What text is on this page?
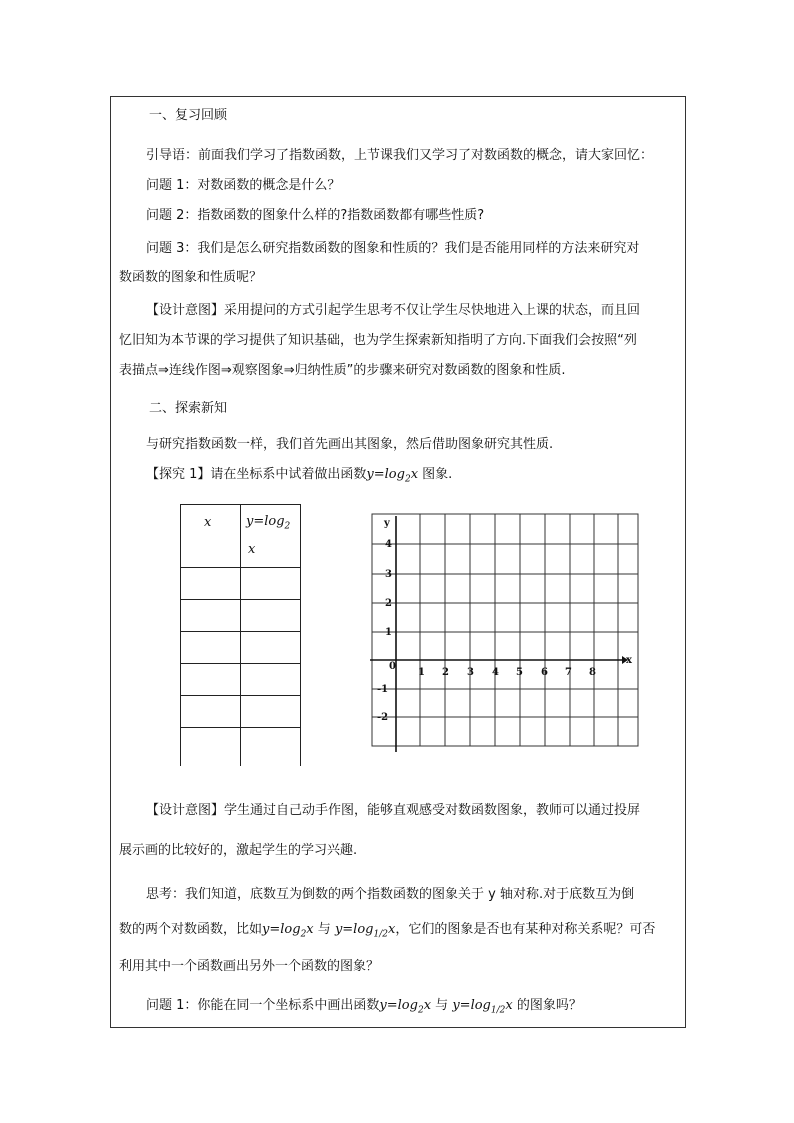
一、复习回顾
引导语：前面我们学习了指数函数，上节课我们又学习了对数函数的概念，请大家回忆：
问题 1：对数函数的概念是什么？
问题 2：指数函数的图象什么样的?指数函数都有哪些性质?
问题 3：我们是怎么研究指数函数的图象和性质的？我们是否能用同样的方法来研究对
数函数的图象和性质呢？
【设计意图】采用提问的方式引起学生思考不仅让学生尽快地进入上课的状态，而且回
忆旧知为本节课的学习提供了知识基础，也为学生探索新知指明了方向.下面我们会按照“列
表描点⇒连线作图⇒观察图象⇒归纳性质”的步骤来研究对数函数的图象和性质.
二、探索新知
与研究指数函数一样，我们首先画出其图象，然后借助图象研究其性质.
【探究 1】请在坐标系中试着做出函数$y=\log_2x$ 图象.
x	$y=\log_2$
x
y
x
0
1 2 3 4 5 6 7 8
4
3
2
1
-1
-2
【设计意图】学生通过自己动手作图，能够直观感受对数函数图象，教师可以通过投屏
展示画的比较好的，激起学生的学习兴趣.
思考：我们知道，底数互为倒数的两个指数函数的图象关于 y 轴对称.对于底数互为倒
数的两个对数函数，比如$y=\log_2x$ 与 $y=\log_{1/2}x$，它们的图象是否也有某种对称关系呢？可否
利用其中一个函数画出另外一个函数的图象？
问题 1：你能在同一个坐标系中画出函数$y=\log_2x$ 与 $y=\log_{1/2}x$ 的图象吗？
